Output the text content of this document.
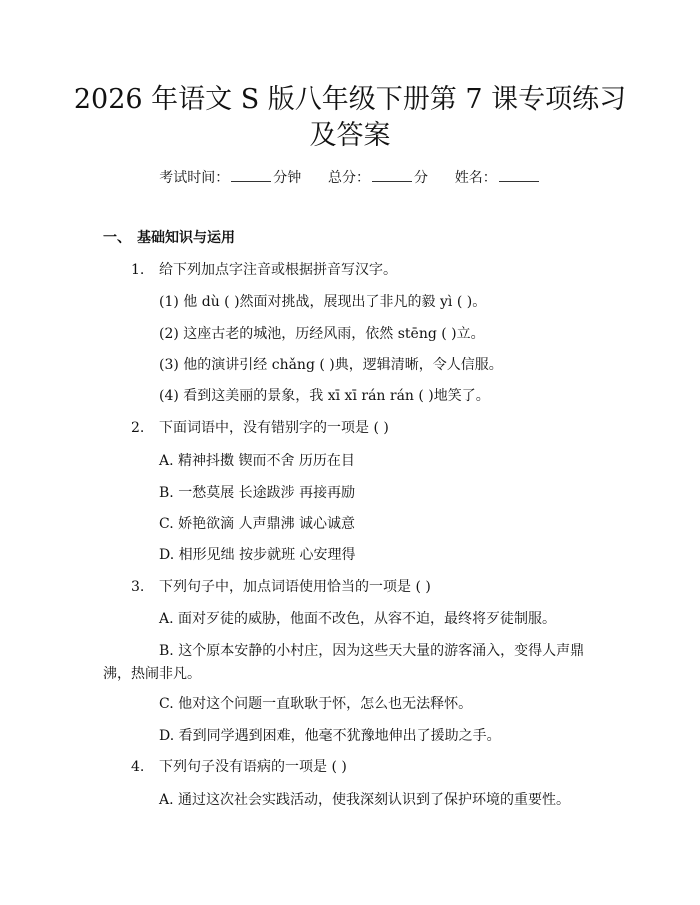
2026 年语文 S 版八年级下册第 7 课专项练习
及答案
考试时间：	分钟 总分：	分 姓名：
一、 基础知识与运用
1. 给下列加点字注音或根据拼音写汉字。
(1) 他 dù ( )然面对挑战，展现出了非凡的毅 yì ( )。
(2) 这座古老的城池，历经风雨，依然 stēng ( )立。
(3) 他的演讲引经 chǎng ( )典，逻辑清晰，令人信服。
(4) 看到这美丽的景象，我 xī xī rán rán ( )地笑了。
2. 下面词语中，没有错别字的一项是 ( )
A. 精神抖擞 锲而不舍 历历在目
B. 一愁莫展 长途跋涉 再接再励
C. 娇艳欲滴 人声鼎沸 诚心诚意
D. 相形见绌 按步就班 心安理得
3. 下列句子中，加点词语使用恰当的一项是 ( )
A. 面对歹徒的威胁，他面不改色，从容不迫，最终将歹徒制服。
B. 这个原本安静的小村庄，因为这些天大量的游客涌入，变得人声鼎
沸，热闹非凡。
C. 他对这个问题一直耿耿于怀，怎么也无法释怀。
D. 看到同学遇到困难，他毫不犹豫地伸出了援助之手。
4. 下列句子没有语病的一项是 ( )
A. 通过这次社会实践活动，使我深刻认识到了保护环境的重要性。
